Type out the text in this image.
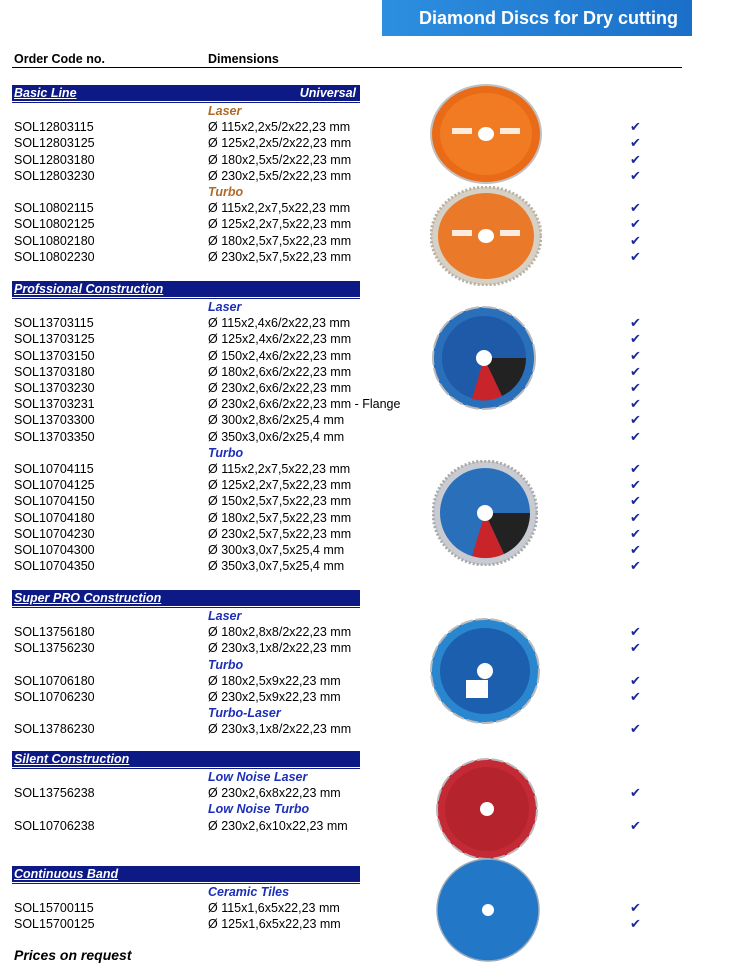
Diamond Discs for Dry cutting
Order Code no.	Dimensions
Basic Line	Universal
Laser
SOL12803115	Ø 115x2,2x5/2x22,23 mm	✔
SOL12803125	Ø 125x2,2x5/2x22,23 mm	✔
SOL12803180	Ø 180x2,5x5/2x22,23 mm	✔
SOL12803230	Ø 230x2,5x5/2x22,23 mm	✔
Turbo
SOL10802115	Ø 115x2,2x7,5x22,23 mm	✔
SOL10802125	Ø 125x2,2x7,5x22,23 mm	✔
SOL10802180	Ø 180x2,5x7,5x22,23 mm	✔
SOL10802230	Ø 230x2,5x7,5x22,23 mm	✔
Profssional Construction
Laser
SOL13703115	Ø 115x2,4x6/2x22,23 mm	✔
SOL13703125	Ø 125x2,4x6/2x22,23 mm	✔
SOL13703150	Ø 150x2,4x6/2x22,23 mm	✔
SOL13703180	Ø 180x2,6x6/2x22,23 mm	✔
SOL13703230	Ø 230x2,6x6/2x22,23 mm	✔
SOL13703231	Ø 230x2,6x6/2x22,23 mm - Flange	✔
SOL13703300	Ø 300x2,8x6/2x25,4 mm	✔
SOL13703350	Ø 350x3,0x6/2x25,4 mm	✔
Turbo
SOL10704115	Ø 115x2,2x7,5x22,23 mm	✔
SOL10704125	Ø 125x2,2x7,5x22,23 mm	✔
SOL10704150	Ø 150x2,5x7,5x22,23 mm	✔
SOL10704180	Ø 180x2,5x7,5x22,23 mm	✔
SOL10704230	Ø 230x2,5x7,5x22,23 mm	✔
SOL10704300	Ø 300x3,0x7,5x25,4 mm	✔
SOL10704350	Ø 350x3,0x7,5x25,4 mm	✔
Super PRO Construction
Laser
SOL13756180	Ø 180x2,8x8/2x22,23 mm	✔
SOL13756230	Ø 230x3,1x8/2x22,23 mm	✔
Turbo
SOL10706180	Ø 180x2,5x9x22,23 mm	✔
SOL10706230	Ø 230x2,5x9x22,23 mm	✔
Turbo-Laser
SOL13786230	Ø 230x3,1x8/2x22,23 mm	✔
Silent Construction
Low Noise Laser
SOL13756238	Ø 230x2,6x8x22,23 mm	✔
Low Noise Turbo
SOL10706238	Ø 230x2,6x10x22,23 mm	✔
Continuous Band
Ceramic Tiles
SOL15700115	Ø 115x1,6x5x22,23 mm	✔
SOL15700125	Ø 125x1,6x5x22,23 mm	✔
Prices on request
